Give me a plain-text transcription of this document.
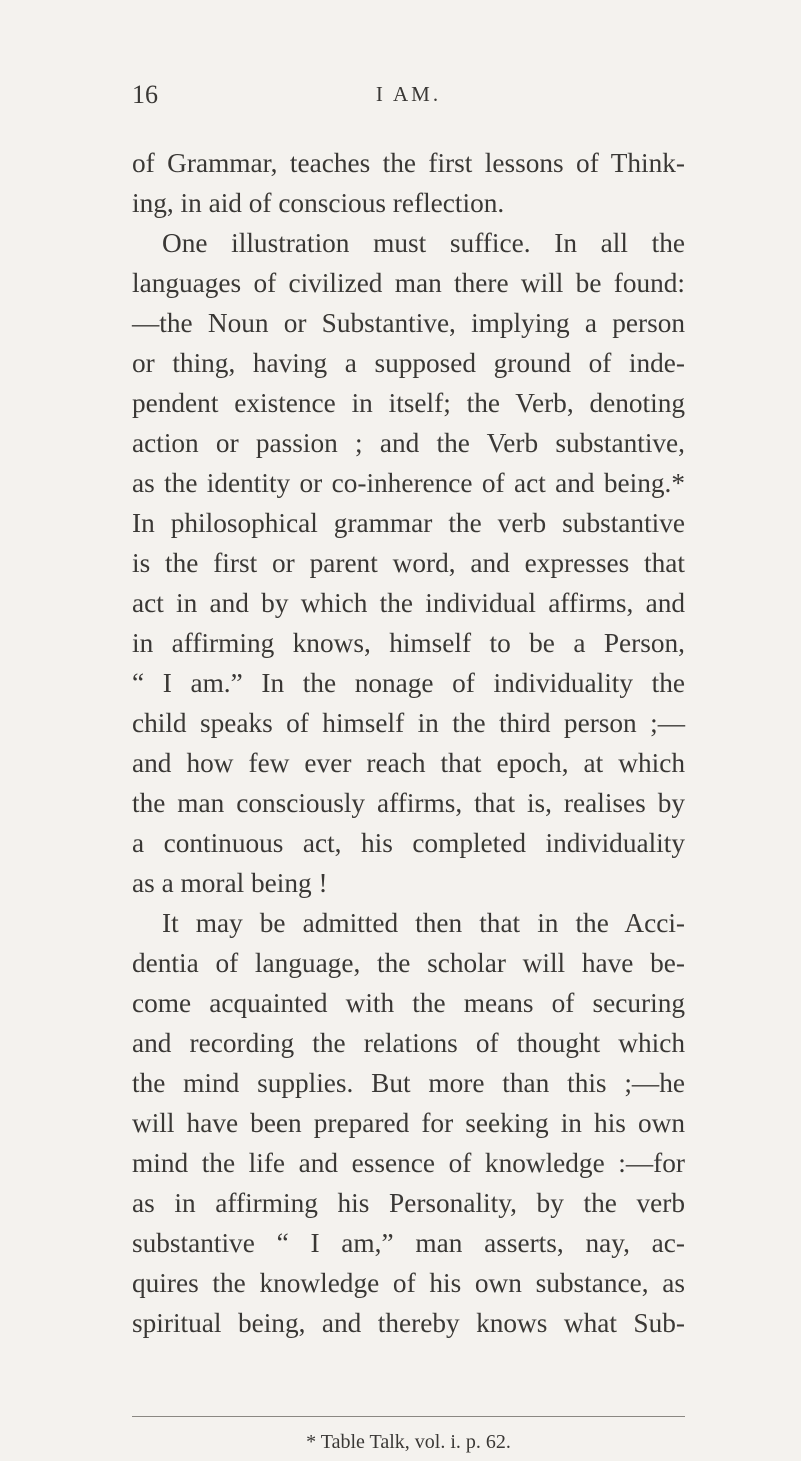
16	I AM.
of Grammar, teaches the first lessons of Think-
ing, in aid of conscious reflection.
One illustration must suffice. In all the
languages of civilized man there will be found:
—the Noun or Substantive, implying a person
or thing, having a supposed ground of inde-
pendent existence in itself; the Verb, denoting
action or passion ; and the Verb substantive,
as the identity or co-inherence of act and being.*
In philosophical grammar the verb substantive
is the first or parent word, and expresses that
act in and by which the individual affirms, and
in affirming knows, himself to be a Person,
“ I am.” In the nonage of individuality the
child speaks of himself in the third person ;—
and how few ever reach that epoch, at which
the man consciously affirms, that is, realises by
a continuous act, his completed individuality
as a moral being !
It may be admitted then that in the Acci-
dentia of language, the scholar will have be-
come acquainted with the means of securing
and recording the relations of thought which
the mind supplies. But more than this ;—he
will have been prepared for seeking in his own
mind the life and essence of knowledge :—for
as in affirming his Personality, by the verb
substantive “ I am,” man asserts, nay, ac-
quires the knowledge of his own substance, as
spiritual being, and thereby knows what Sub-
* Table Talk, vol. i. p. 62.
